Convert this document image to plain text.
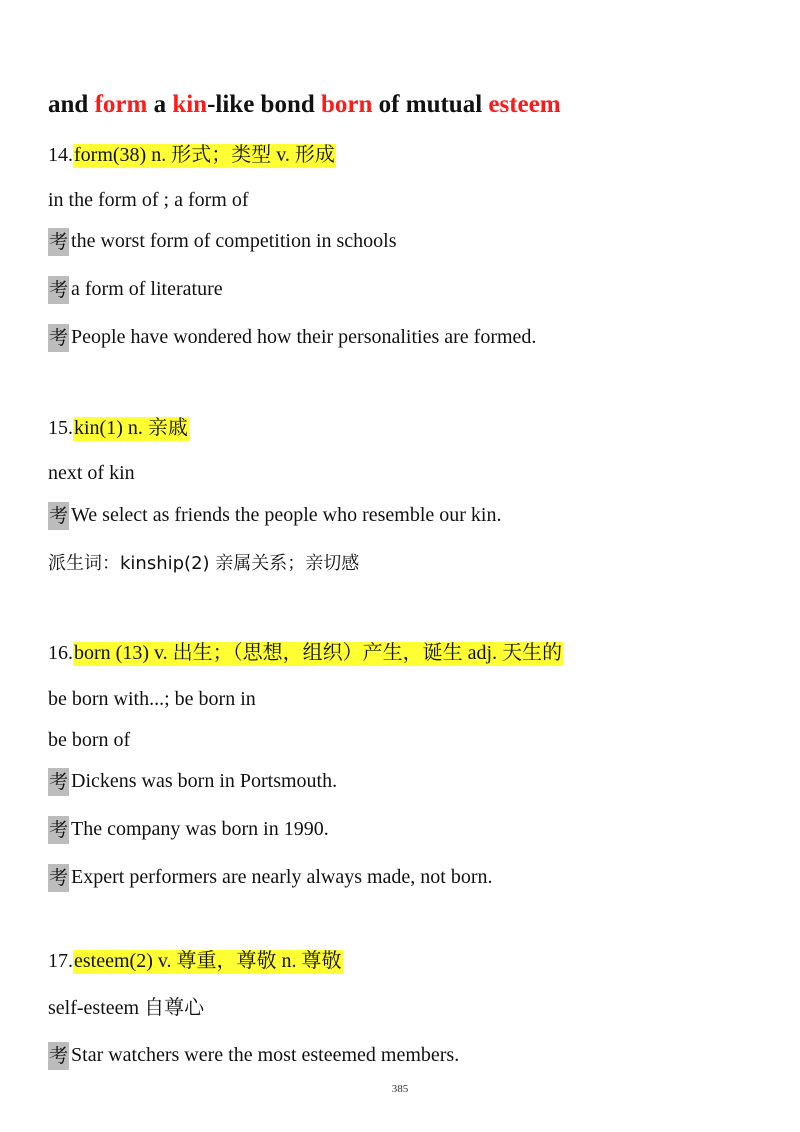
and form a kin-like bond born of mutual esteem
14.form(38) n. 形式；类型 v. 形成
in the form of ; a form of
考 the worst form of competition in schools
考 a form of literature
考 People have wondered how their personalities are formed.
15.kin(1) n. 亲戚
next of kin
考 We select as friends the people who resemble our kin.
派生词：kinship(2) 亲属关系；亲切感
16.born (13) v. 出生；（思想，组织）产生，诞生 adj. 天生的
be born with...; be born in
be born of
考 Dickens was born in Portsmouth.
考 The company was born in 1990.
考 Expert performers are nearly always made, not born.
17.esteem(2) v. 尊重，尊敬 n. 尊敬
self-esteem 自尊心
考 Star watchers were the most esteemed members.
385
